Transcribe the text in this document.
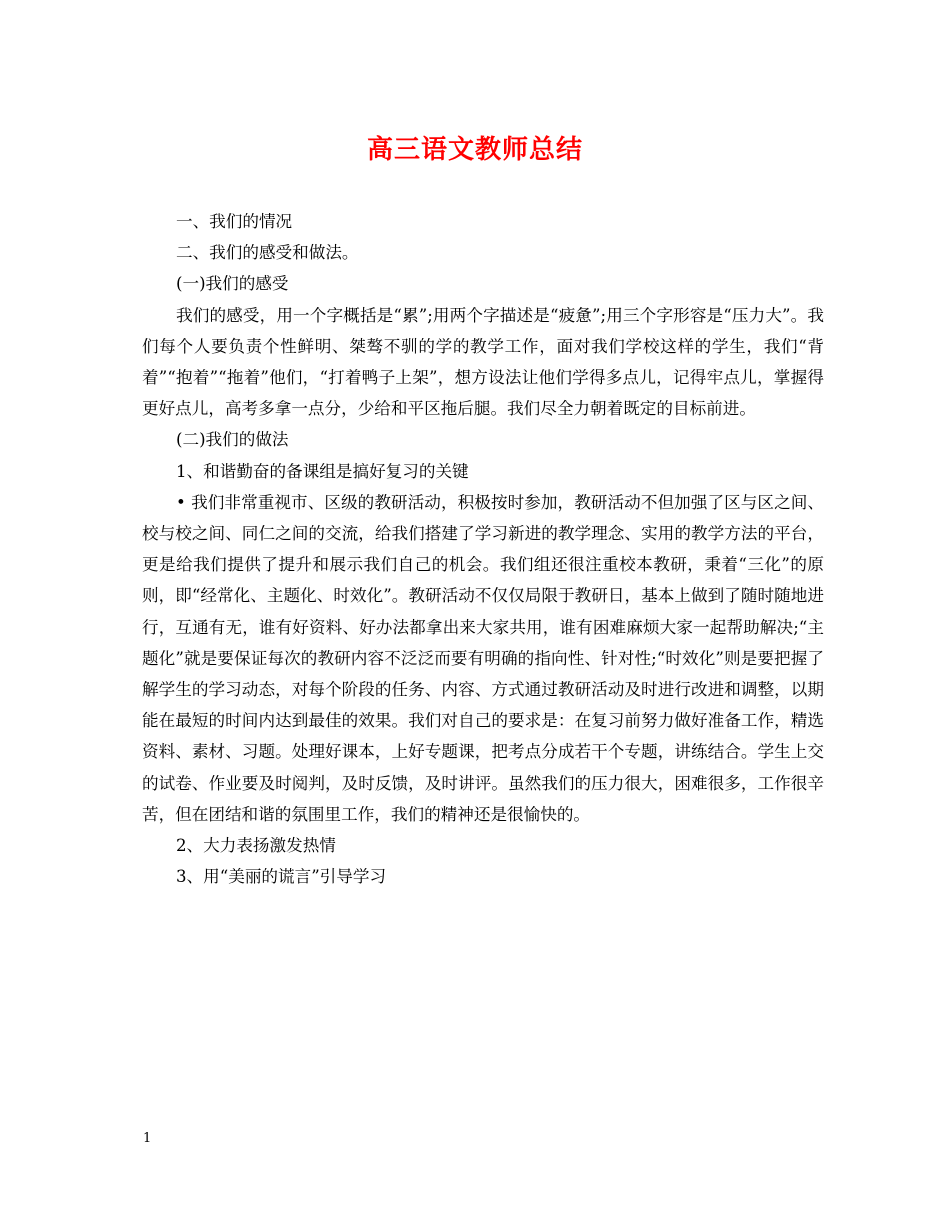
高三语文教师总结

一、我们的情况

二、我们的感受和做法。

(一)我们的感受

我们的感受，用一个字概括是“累”;用两个字描述是“疲惫”;用三个字形容是“压力大”。我们每个人要负责个性鲜明、桀骜不驯的学的教学工作，面对我们学校这样的学生，我们“背着”“抱着”“拖着”他们，“打着鸭子上架”，想方设法让他们学得多点儿，记得牢点儿，掌握得更好点儿，高考多拿一点分，少给和平区拖后腿。我们尽全力朝着既定的目标前进。

(二)我们的做法

1、和谐勤奋的备课组是搞好复习的关键

• 我们非常重视市、区级的教研活动，积极按时参加，教研活动不但加强了区与区之间、校与校之间、同仁之间的交流，给我们搭建了学习新进的教学理念、实用的教学方法的平台，更是给我们提供了提升和展示我们自己的机会。我们组还很注重校本教研，秉着“三化”的原则，即“经常化、主题化、时效化”。教研活动不仅仅局限于教研日，基本上做到了随时随地进行，互通有无，谁有好资料、好办法都拿出来大家共用，谁有困难麻烦大家一起帮助解决;“主题化”就是要保证每次的教研内容不泛泛而要有明确的指向性、针对性;“时效化”则是要把握了解学生的学习动态，对每个阶段的任务、内容、方式通过教研活动及时进行改进和调整，以期能在最短的时间内达到最佳的效果。我们对自己的要求是：在复习前努力做好准备工作，精选资料、素材、习题。处理好课本，上好专题课，把考点分成若干个专题，讲练结合。学生上交的试卷、作业要及时阅判，及时反馈，及时讲评。虽然我们的压力很大，困难很多，工作很辛苦，但在团结和谐的氛围里工作，我们的精神还是很愉快的。

2、大力表扬激发热情

3、用“美丽的谎言”引导学习

1
